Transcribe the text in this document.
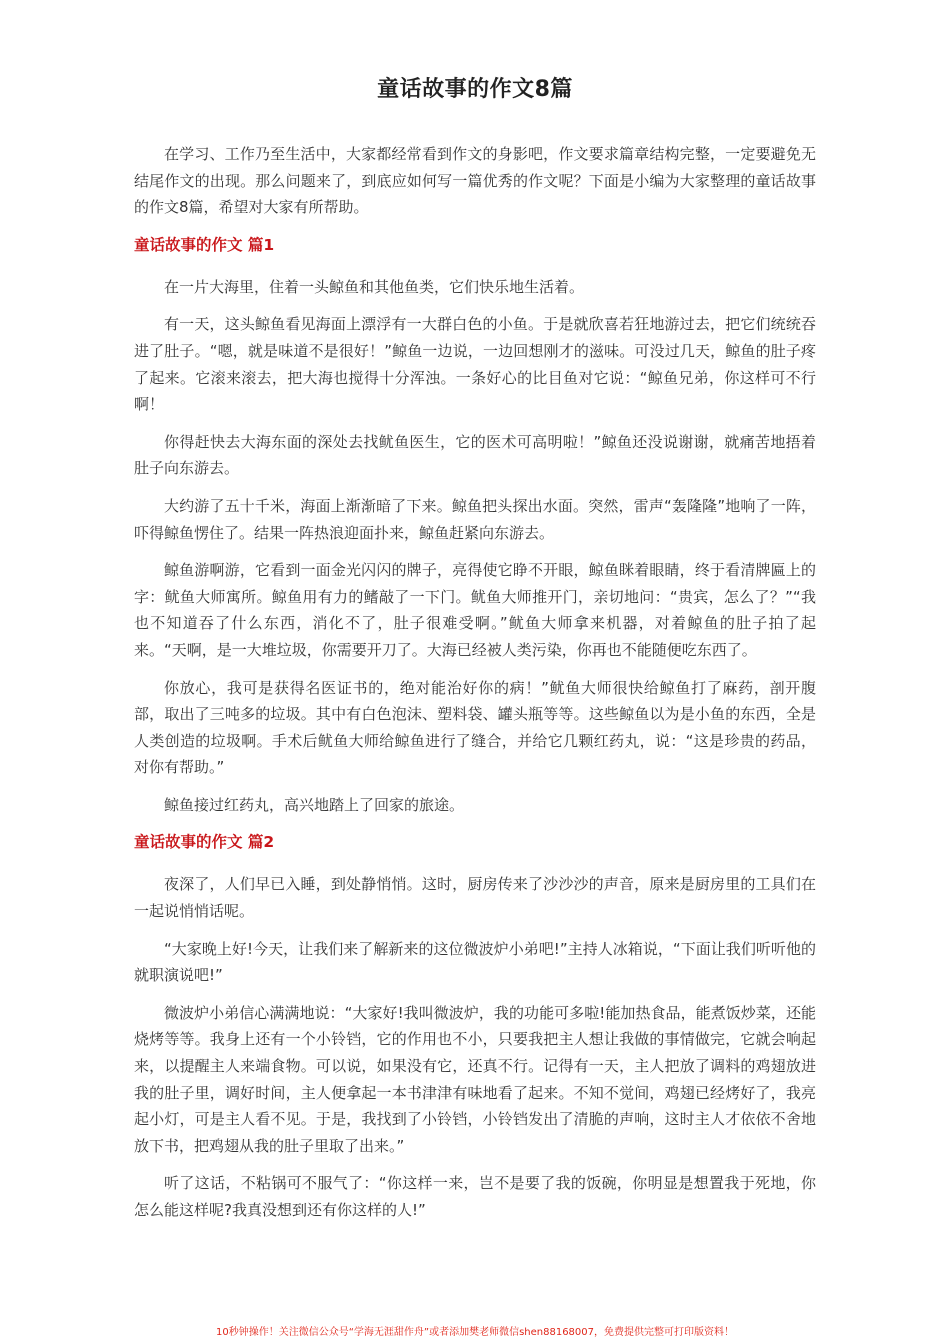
童话故事的作文8篇

在学习、工作乃至生活中，大家都经常看到作文的身影吧，作文要求篇章结构完整，一定要避免无结尾作文的出现。那么问题来了，到底应如何写一篇优秀的作文呢？下面是小编为大家整理的童话故事的作文8篇，希望对大家有所帮助。

童话故事的作文 篇1

在一片大海里，住着一头鲸鱼和其他鱼类，它们快乐地生活着。

有一天，这头鲸鱼看见海面上漂浮有一大群白色的小鱼。于是就欣喜若狂地游过去，把它们统统吞进了肚子。“嗯，就是味道不是很好！”鲸鱼一边说，一边回想刚才的滋味。可没过几天，鲸鱼的肚子疼了起来。它滚来滚去，把大海也搅得十分浑浊。一条好心的比目鱼对它说：“鲸鱼兄弟，你这样可不行啊！

你得赶快去大海东面的深处去找鱿鱼医生，它的医术可高明啦！”鲸鱼还没说谢谢，就痛苦地捂着肚子向东游去。

大约游了五十千米，海面上渐渐暗了下来。鲸鱼把头探出水面。突然，雷声“轰隆隆”地响了一阵，吓得鲸鱼愣住了。结果一阵热浪迎面扑来，鲸鱼赶紧向东游去。

鲸鱼游啊游，它看到一面金光闪闪的牌子，亮得使它睁不开眼，鲸鱼眯着眼睛，终于看清牌匾上的字：鱿鱼大师寓所。鲸鱼用有力的鳍敲了一下门。鱿鱼大师推开门，亲切地问：“贵宾，怎么了？”“我也不知道吞了什么东西，消化不了，肚子很难受啊。”鱿鱼大师拿来机器，对着鲸鱼的肚子拍了起来。“天啊，是一大堆垃圾，你需要开刀了。大海已经被人类污染，你再也不能随便吃东西了。

你放心，我可是获得名医证书的，绝对能治好你的病！”鱿鱼大师很快给鲸鱼打了麻药，剖开腹部，取出了三吨多的垃圾。其中有白色泡沫、塑料袋、罐头瓶等等。这些鲸鱼以为是小鱼的东西，全是人类创造的垃圾啊。手术后鱿鱼大师给鲸鱼进行了缝合，并给它几颗红药丸，说：“这是珍贵的药品，对你有帮助。”

鲸鱼接过红药丸，高兴地踏上了回家的旅途。

童话故事的作文 篇2

夜深了，人们早已入睡，到处静悄悄。这时，厨房传来了沙沙沙的声音，原来是厨房里的工具们在一起说悄悄话呢。

“大家晚上好!今天，让我们来了解新来的这位微波炉小弟吧!”主持人冰箱说，“下面让我们听听他的就职演说吧!”

微波炉小弟信心满满地说：“大家好!我叫微波炉，我的功能可多啦!能加热食品，能煮饭炒菜，还能烧烤等等。我身上还有一个小铃铛，它的作用也不小，只要我把主人想让我做的事情做完，它就会响起来，以提醒主人来端食物。可以说，如果没有它，还真不行。记得有一天，主人把放了调料的鸡翅放进我的肚子里，调好时间，主人便拿起一本书津津有味地看了起来。不知不觉间，鸡翅已经烤好了，我亮起小灯，可是主人看不见。于是，我找到了小铃铛，小铃铛发出了清脆的声响，这时主人才依依不舍地放下书，把鸡翅从我的肚子里取了出来。”

听了这话，不粘锅可不服气了：“你这样一来，岂不是要了我的饭碗，你明显是想置我于死地，你怎么能这样呢?我真没想到还有你这样的人!”

10秒钟操作！关注微信公众号“学海无涯甜作舟”或者添加樊老师微信shen88168007，免费提供完整可打印版资料！
